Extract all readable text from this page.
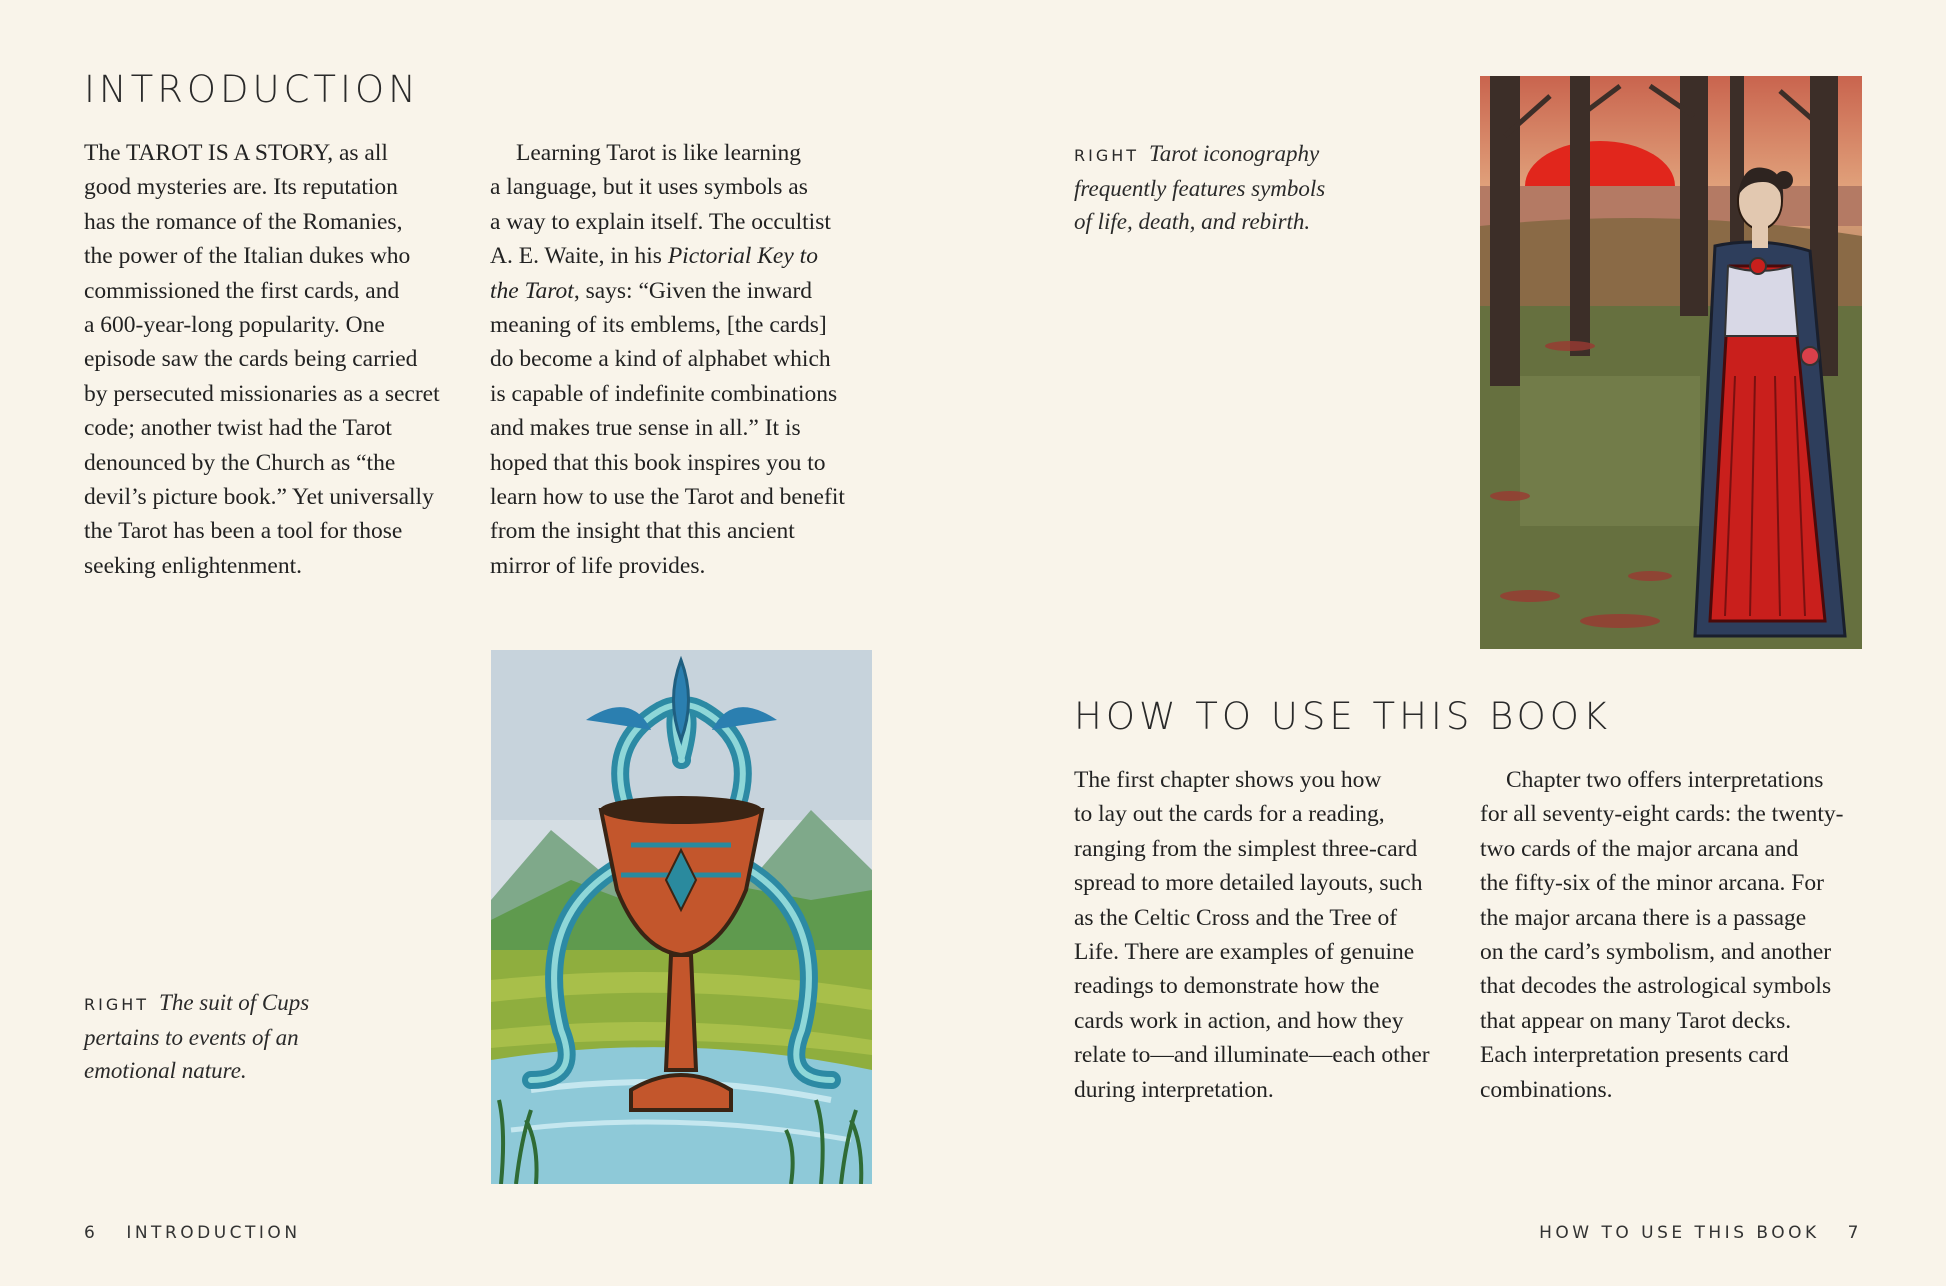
INTRODUCTION
The TAROT IS A STORY, as all
good mysteries are. Its reputation
has the romance of the Romanies,
the power of the Italian dukes who
commissioned the first cards, and
a 600-year-long popularity. One
episode saw the cards being carried
by persecuted missionaries as a secret
code; another twist had the Tarot
denounced by the Church as “the
devil’s picture book.” Yet universally
the Tarot has been a tool for those
seeking enlightenment.
Learning Tarot is like learning
a language, but it uses symbols as
a way to explain itself. The occultist
A. E. Waite, in his Pictorial Key to
the Tarot, says: “Given the inward
meaning of its emblems, [the cards]
do become a kind of alphabet which
is capable of indefinite combinations
and makes true sense in all.” It is
hoped that this book inspires you to
learn how to use the Tarot and benefit
from the insight that this ancient
mirror of life provides.
RIGHT The suit of Cups
pertains to events of an
emotional nature.
6 INTRODUCTION
RIGHT Tarot iconography
frequently features symbols
of life, death, and rebirth.
HOW TO USE THIS BOOK
The first chapter shows you how
to lay out the cards for a reading,
ranging from the simplest three-card
spread to more detailed layouts, such
as the Celtic Cross and the Tree of
Life. There are examples of genuine
readings to demonstrate how the
cards work in action, and how they
relate to—and illuminate—each other
during interpretation.
Chapter two offers interpretations
for all seventy-eight cards: the twenty-
two cards of the major arcana and
the fifty-six of the minor arcana. For
the major arcana there is a passage
on the card’s symbolism, and another
that decodes the astrological symbols
that appear on many Tarot decks.
Each interpretation presents card
combinations.
HOW TO USE THIS BOOK 7
